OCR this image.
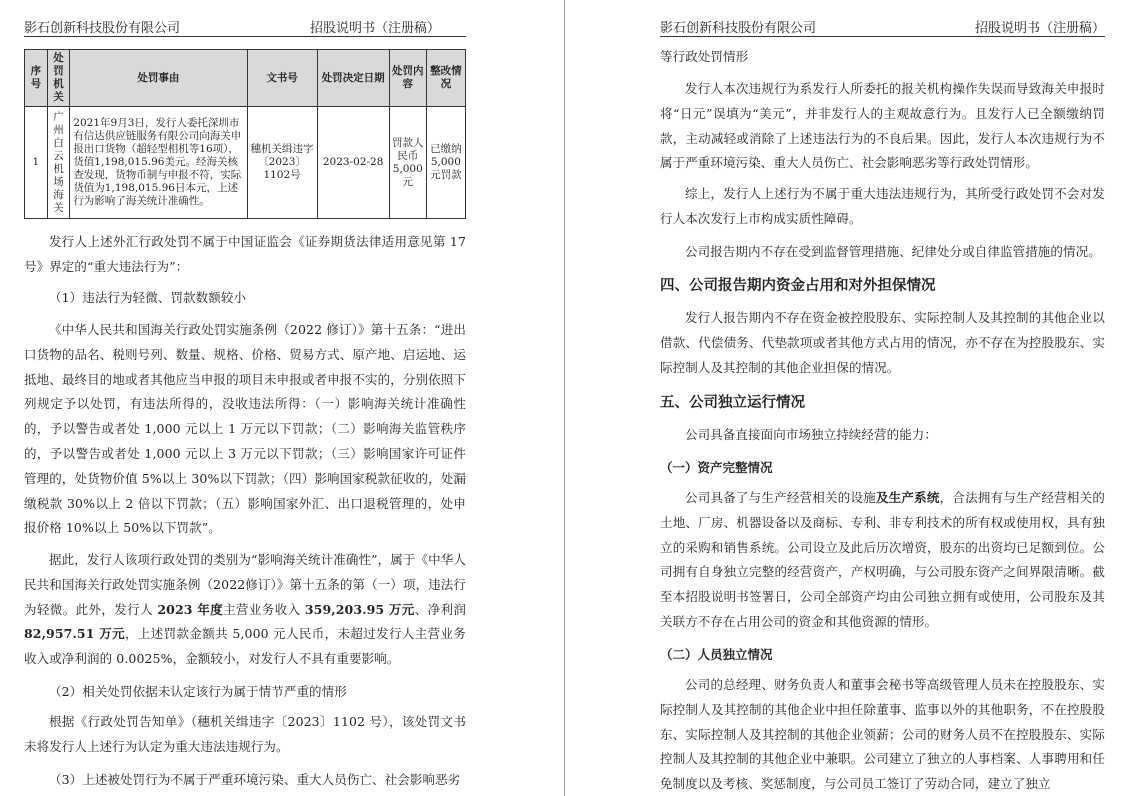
影石创新科技股份有限公司	招股说明书（注册稿）
序号	处罚机关	处罚事由	文书号	处罚决定日期	处罚内容	整改情况
1	广州白云机场海关	2021年9月3日，发行人委托深圳市有信达供应链服务有限公司向海关申报出口货物（超轻型相机等16项），货值1,198,015.96美元。经海关核查发现，货物币制与申报不符，实际货值为1,198,015.96日本元，上述行为影响了海关统计准确性。	穗机关缉违字〔2023〕1102号	2023-02-28	罚款人民币5,000元	已缴纳5,000元罚款

发行人上述外汇行政处罚不属于中国证监会《证券期货法律适用意见第 17 号》界定的“重大违法行为”：

（1）违法行为轻微、罚款数额较小

《中华人民共和国海关行政处罚实施条例（2022 修订）》第十五条：“进出口货物的品名、税则号列、数量、规格、价格、贸易方式、原产地、启运地、运抵地、最终目的地或者其他应当申报的项目未申报或者申报不实的，分别依照下列规定予以处罚，有违法所得的，没收违法所得：（一）影响海关统计准确性的，予以警告或者处 1,000 元以上 1 万元以下罚款；（二）影响海关监管秩序的，予以警告或者处 1,000 元以上 3 万元以下罚款；（三）影响国家许可证件管理的，处货物价值 5%以上 30%以下罚款；（四）影响国家税款征收的，处漏缴税款 30%以上 2 倍以下罚款；（五）影响国家外汇、出口退税管理的，处申报价格 10%以上 50%以下罚款”。

据此，发行人该项行政处罚的类别为“影响海关统计准确性”，属于《中华人民共和国海关行政处罚实施条例（2022修订）》第十五条的第（一）项，违法行为轻微。此外，发行人 2023 年度主营业务收入 359,203.95 万元、净利润 82,957.51 万元，上述罚款金额共 5,000 元人民币，未超过发行人主营业务收入或净利润的 0.0025%，金额较小，对发行人不具有重要影响。

（2）相关处罚依据未认定该行为属于情节严重的情形

根据《行政处罚告知单》（穗机关缉违字〔2023〕1102 号），该处罚文书未将发行人上述行为认定为重大违法违规行为。

（3）上述被处罚行为不属于严重环境污染、重大人员伤亡、社会影响恶劣

影石创新科技股份有限公司	招股说明书（注册稿）

等行政处罚情形

发行人本次违规行为系发行人所委托的报关机构操作失误而导致海关申报时将“日元”误填为“美元”，并非发行人的主观故意行为。且发行人已全额缴纳罚款，主动减轻或消除了上述违法行为的不良后果。因此，发行人本次违规行为不属于严重环境污染、重大人员伤亡、社会影响恶劣等行政处罚情形。

综上，发行人上述行为不属于重大违法违规行为，其所受行政处罚不会对发行人本次发行上市构成实质性障碍。

公司报告期内不存在受到监督管理措施、纪律处分或自律监管措施的情况。

四、公司报告期内资金占用和对外担保情况

发行人报告期内不存在资金被控股股东、实际控制人及其控制的其他企业以借款、代偿债务、代垫款项或者其他方式占用的情况，亦不存在为控股股东、实际控制人及其控制的其他企业担保的情况。

五、公司独立运行情况

公司具备直接面向市场独立持续经营的能力：

（一）资产完整情况

公司具备了与生产经营相关的设施及生产系统，合法拥有与生产经营相关的土地、厂房、机器设备以及商标、专利、非专利技术的所有权或使用权，具有独立的采购和销售系统。公司设立及此后历次增资，股东的出资均已足额到位。公司拥有自身独立完整的经营资产，产权明确，与公司股东资产之间界限清晰。截至本招股说明书签署日，公司全部资产均由公司独立拥有或使用，公司股东及其关联方不存在占用公司的资金和其他资源的情形。

（二）人员独立情况

公司的总经理、财务负责人和董事会秘书等高级管理人员未在控股股东、实际控制人及其控制的其他企业中担任除董事、监事以外的其他职务，不在控股股东、实际控制人及其控制的其他企业领薪；公司的财务人员不在控股股东、实际控制人及其控制的其他企业中兼职。公司建立了独立的人事档案、人事聘用和任免制度以及考核、奖惩制度，与公司员工签订了劳动合同，建立了独立
